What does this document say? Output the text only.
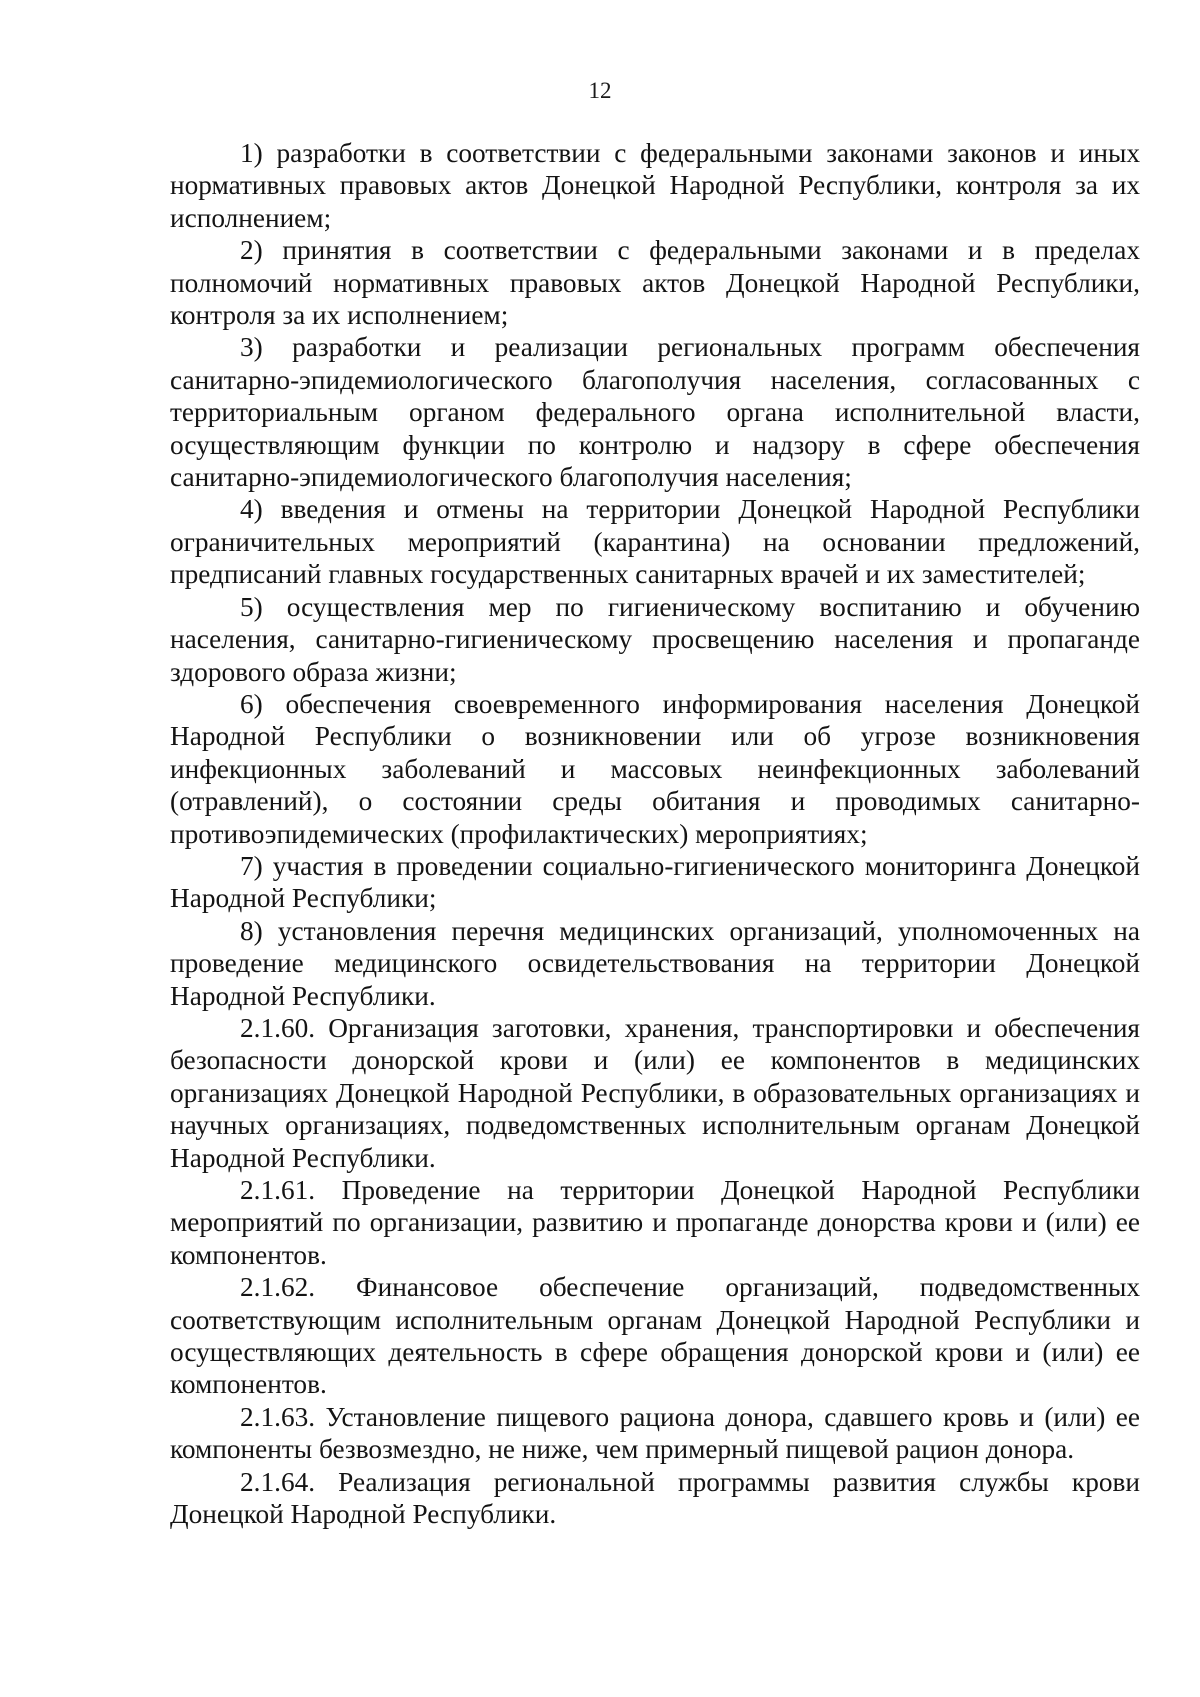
12

1) разработки в соответствии с федеральными законами законов и иных нормативных правовых актов Донецкой Народной Республики, контроля за их исполнением;

2) принятия в соответствии с федеральными законами и в пределах полномочий нормативных правовых актов Донецкой Народной Республики, контроля за их исполнением;

3) разработки и реализации региональных программ обеспечения санитарно-эпидемиологического благополучия населения, согласованных с территориальным органом федерального органа исполнительной власти, осуществляющим функции по контролю и надзору в сфере обеспечения санитарно-эпидемиологического благополучия населения;

4) введения и отмены на территории Донецкой Народной Республики ограничительных мероприятий (карантина) на основании предложений, предписаний главных государственных санитарных врачей и их заместителей;

5) осуществления мер по гигиеническому воспитанию и обучению населения, санитарно-гигиеническому просвещению населения и пропаганде здорового образа жизни;

6) обеспечения своевременного информирования населения Донецкой Народной Республики о возникновении или об угрозе возникновения инфекционных заболеваний и массовых неинфекционных заболеваний (отравлений), о состоянии среды обитания и проводимых санитарно-противоэпидемических (профилактических) мероприятиях;

7) участия в проведении социально-гигиенического мониторинга Донецкой Народной Республики;

8) установления перечня медицинских организаций, уполномоченных на проведение медицинского освидетельствования на территории Донецкой Народной Республики.

2.1.60. Организация заготовки, хранения, транспортировки и обеспечения безопасности донорской крови и (или) ее компонентов в медицинских организациях Донецкой Народной Республики, в образовательных организациях и научных организациях, подведомственных исполнительным органам Донецкой Народной Республики.

2.1.61. Проведение на территории Донецкой Народной Республики мероприятий по организации, развитию и пропаганде донорства крови и (или) ее компонентов.

2.1.62. Финансовое обеспечение организаций, подведомственных соответствующим исполнительным органам Донецкой Народной Республики и осуществляющих деятельность в сфере обращения донорской крови и (или) ее компонентов.

2.1.63. Установление пищевого рациона донора, сдавшего кровь и (или) ее компоненты безвозмездно, не ниже, чем примерный пищевой рацион донора.

2.1.64. Реализация региональной программы развития службы крови Донецкой Народной Республики.
